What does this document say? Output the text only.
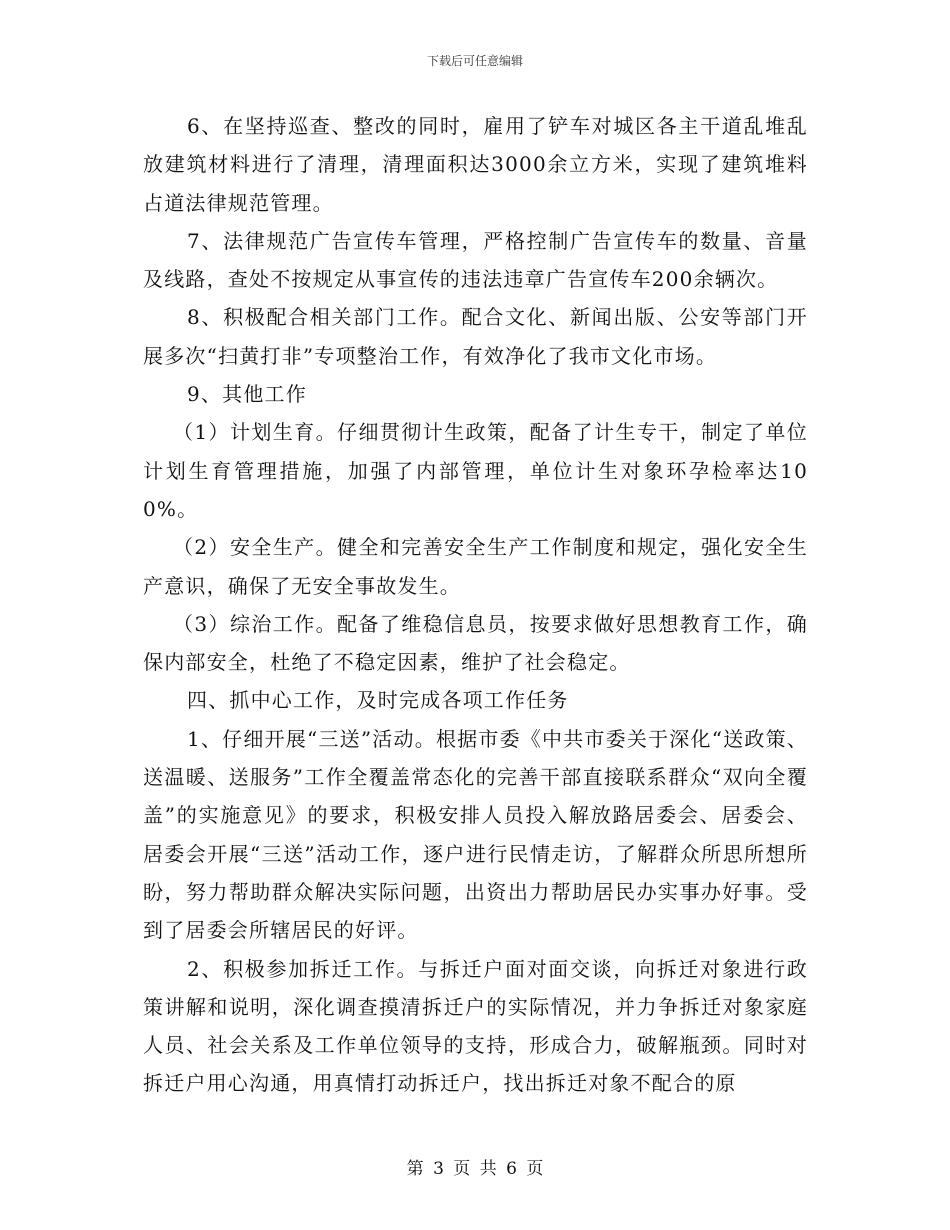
下载后可任意编辑

6、在坚持巡查、整改的同时，雇用了铲车对城区各主干道乱堆乱放建筑材料进行了清理，清理面积达3000余立方米，实现了建筑堆料占道法律规范管理。

7、法律规范广告宣传车管理，严格控制广告宣传车的数量、音量及线路，查处不按规定从事宣传的违法违章广告宣传车200余辆次。

8、积极配合相关部门工作。配合文化、新闻出版、公安等部门开展多次“扫黄打非”专项整治工作，有效净化了我市文化市场。

9、其他工作

（1）计划生育。仔细贯彻计生政策，配备了计生专干，制定了单位计划生育管理措施，加强了内部管理，单位计生对象环孕检率达100%。

（2）安全生产。健全和完善安全生产工作制度和规定，强化安全生产意识，确保了无安全事故发生。

（3）综治工作。配备了维稳信息员，按要求做好思想教育工作，确保内部安全，杜绝了不稳定因素，维护了社会稳定。

四、抓中心工作，及时完成各项工作任务

1、仔细开展“三送”活动。根据市委《中共市委关于深化“送政策、送温暖、送服务”工作全覆盖常态化的完善干部直接联系群众“双向全覆盖”的实施意见》的要求，积极安排人员投入解放路居委会、居委会、居委会开展“三送”活动工作，逐户进行民情走访，了解群众所思所想所盼，努力帮助群众解决实际问题，出资出力帮助居民办实事办好事。受到了居委会所辖居民的好评。

2、积极参加拆迁工作。与拆迁户面对面交谈，向拆迁对象进行政策讲解和说明，深化调查摸清拆迁户的实际情况，并力争拆迁对象家庭人员、社会关系及工作单位领导的支持，形成合力，破解瓶颈。同时对拆迁户用心沟通，用真情打动拆迁户，找出拆迁对象不配合的原

第 3 页 共 6 页
